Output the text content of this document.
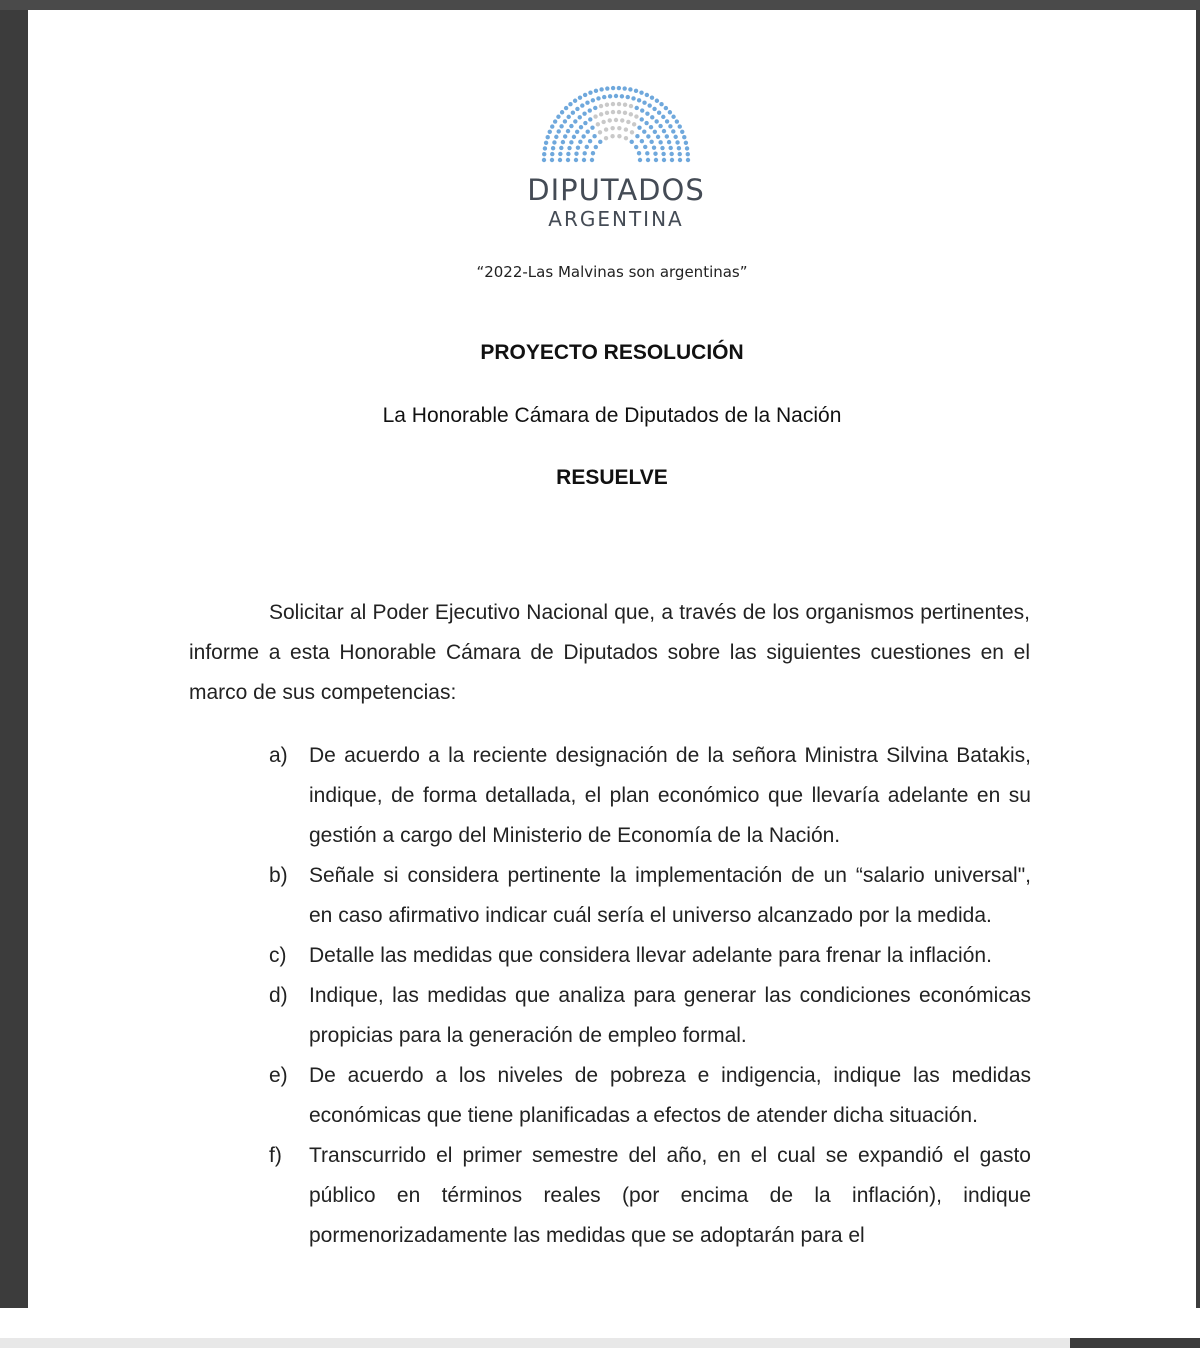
DIPUTADOS
ARGENTINA
“2022-Las Malvinas son argentinas”
PROYECTO RESOLUCIÓN
La Honorable Cámara de Diputados de la Nación
RESUELVE

Solicitar al Poder Ejecutivo Nacional que, a través de los organismos pertinentes, informe a esta Honorable Cámara de Diputados sobre las siguientes cuestiones en el marco de sus competencias:

a) De acuerdo a la reciente designación de la señora Ministra Silvina Batakis, indique, de forma detallada, el plan económico que llevaría adelante en su gestión a cargo del Ministerio de Economía de la Nación.
b) Señale si considera pertinente la implementación de un “salario universal", en caso afirmativo indicar cuál sería el universo alcanzado por la medida.
c) Detalle las medidas que considera llevar adelante para frenar la inflación.
d) Indique, las medidas que analiza para generar las condiciones económicas propicias para la generación de empleo formal.
e) De acuerdo a los niveles de pobreza e indigencia, indique las medidas económicas que tiene planificadas a efectos de atender dicha situación.
f) Transcurrido el primer semestre del año, en el cual se expandió el gasto público en términos reales (por encima de la inflación), indique pormenorizadamente las medidas que se adoptarán para el
